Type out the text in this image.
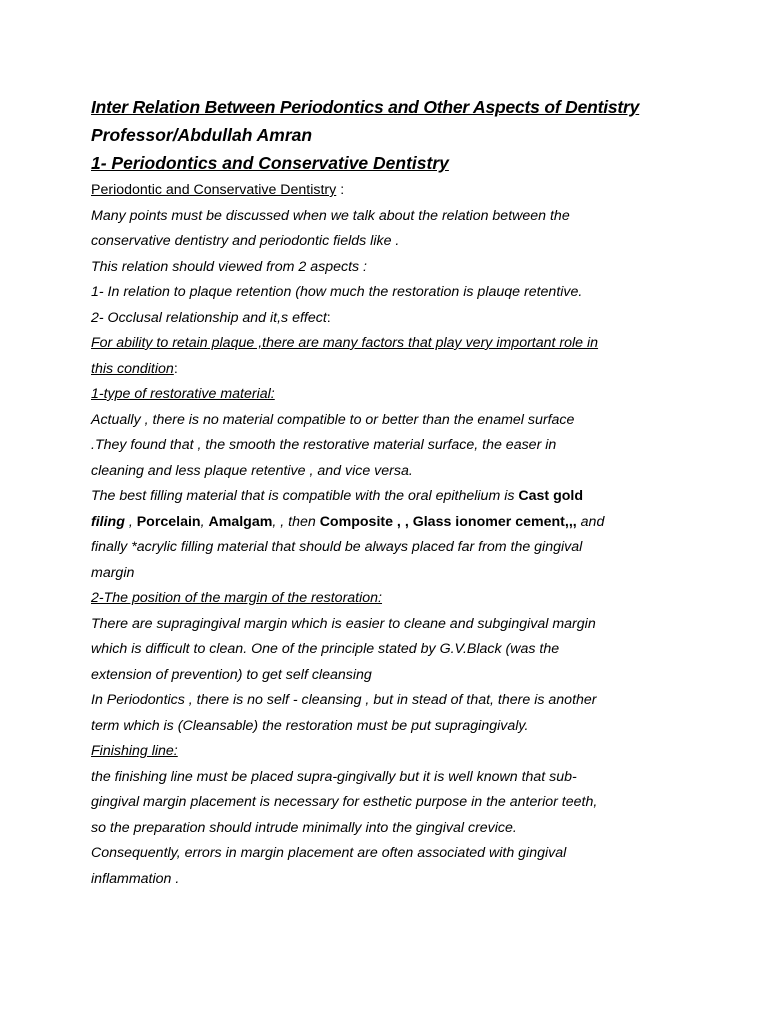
Inter Relation Between Periodontics and Other Aspects of Dentistry
Professor/Abdullah Amran
1- Periodontics and Conservative Dentistry
Periodontic and Conservative Dentistry :
Many points must be discussed when we talk about the relation between the
conservative dentistry and periodontic fields like .
This relation should viewed from 2 aspects :
1- In relation to plaque retention (how much the restoration is plauqe retentive.
2- Occlusal relationship and it,s effect:
For ability to retain plaque ,there are many factors that play very important role in
this condition:
1-type of restorative material:
Actually , there is no material compatible to or better than the enamel surface
.They found that , the smooth the restorative material surface, the easer in
cleaning and less plaque retentive , and vice versa.
The best filling material that is compatible with the oral epithelium is Cast gold
filing , Porcelain, Amalgam, , then Composite , , Glass ionomer cement,,, and
finally *acrylic filling material that should be always placed far from the gingival
margin
2-The position of the margin of the restoration:
There are supragingival margin which is easier to cleane and subgingival margin
which is difficult to clean. One of the principle stated by G.V.Black (was the
extension of prevention) to get self cleansing
In Periodontics , there is no self - cleansing , but in stead of that, there is another
term which is (Cleansable) the restoration must be put supragingivaly.
Finishing line:
the finishing line must be placed supra-gingivally but it is well known that sub-
gingival margin placement is necessary for esthetic purpose in the anterior teeth,
so the preparation should intrude minimally into the gingival crevice.
Consequently, errors in margin placement are often associated with gingival
inflammation .
